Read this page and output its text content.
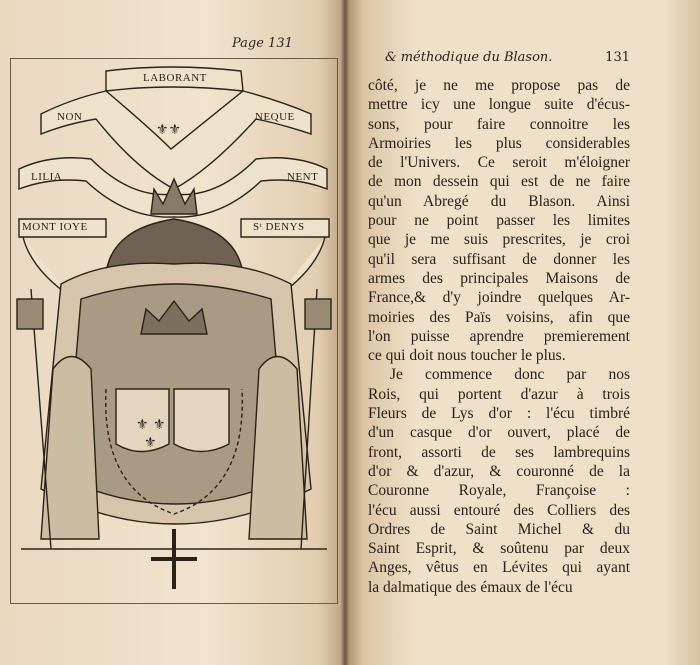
Page 131
⚜ ⚜
⚜
⚜⚜
LABORANT
NON	NEQUE
LILIA	NENT
MONT IOYE	Sᵗ DENYS
& méthodique du Blason.	131
côté, je ne me propose pas de
mettre icy une longue suite d'écus-
sons, pour faire connoitre les
Armoiries les plus considerables
de l'Univers. Ce seroit m'éloigner
de mon dessein qui est de ne faire
qu'un Abregé du Blason. Ainsi
pour ne point passer les limites
que je me suis prescrites, je croi
qu'il sera suffisant de donner les
armes des principales Maisons de
France,& d'y joindre quelques Ar-
moiries des Païs voisins, afin que
l'on puisse aprendre premierement
ce qui doit nous toucher le plus.
Je commence donc par nos
Rois, qui portent d'azur à trois
Fleurs de Lys d'or : l'écu timbré
d'un casque d'or ouvert, placé de
front, assorti de ses lambrequins
d'or & d'azur, & couronné de la
Couronne Royale, Françoise :
l'écu aussi entouré des Colliers des
Ordres de Saint Michel & du
Saint Esprit, & soûtenu par deux
Anges, vêtus en Lévites qui ayant
la dalmatique des émaux de l'écu
